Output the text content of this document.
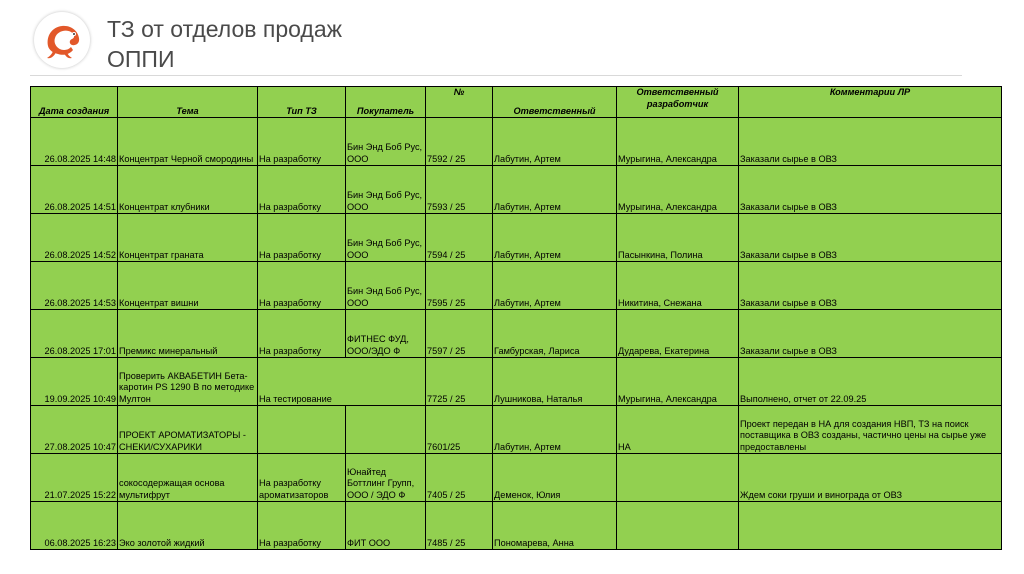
ТЗ от отделов продаж
ОППИ
Дата создания	Тема	Тип ТЗ	Покупатель	№	Ответственный	Ответственный разработчик	Комментарии ЛР
26.08.2025 14:48	Концентрат Черной смородины	На разработку	Бин Энд Боб Рус, ООО	7592 / 25	Лабутин, Артем	Мурыгина, Александра	Заказали сырье в ОВЗ
26.08.2025 14:51	Концентрат клубники	На разработку	Бин Энд Боб Рус, ООО	7593 / 25	Лабутин, Артем	Мурыгина, Александра	Заказали сырье в ОВЗ
26.08.2025 14:52	Концентрат граната	На разработку	Бин Энд Боб Рус, ООО	7594 / 25	Лабутин, Артем	Пасынкина, Полина	Заказали сырье в ОВЗ
26.08.2025 14:53	Концентрат вишни	На разработку	Бин Энд Боб Рус, ООО	7595 / 25	Лабутин, Артем	Никитина, Снежана	Заказали сырье в ОВЗ
26.08.2025 17:01	Премикс минеральный	На разработку	ФИТНЕС ФУД, ООО/ЭДО Ф	7597 / 25	Гамбурская, Лариса	Дударева, Екатерина	Заказали сырье в ОВЗ
19.09.2025 10:49	Проверить АКВАБЕТИН Бета-каротин PS 1290 В по методике Мултон	На тестирование		7725 / 25	Лушникова, Наталья	Мурыгина, Александра	Выполнено, отчет от 22.09.25
27.08.2025 10:47	ПРОЕКТ АРОМАТИЗАТОРЫ - СНЕКИ/СУХАРИКИ			7601/25	Лабутин, Артем	НА	Проект передан в НА для создания НВП, ТЗ на поиск поставщика в ОВЗ созданы, частично цены на сырье уже предоставлены
21.07.2025 15:22	сокосодержащая основа мультифрут	На разработку ароматизаторов	Юнайтед Боттлинг Групп, ООО / ЭДО Ф	7405 / 25	Деменок, Юлия		Ждем соки груши и винограда от ОВЗ
06.08.2025 16:23	Эко золотой жидкий	На разработку	ФИТ ООО	7485 / 25	Пономарева, Анна		
